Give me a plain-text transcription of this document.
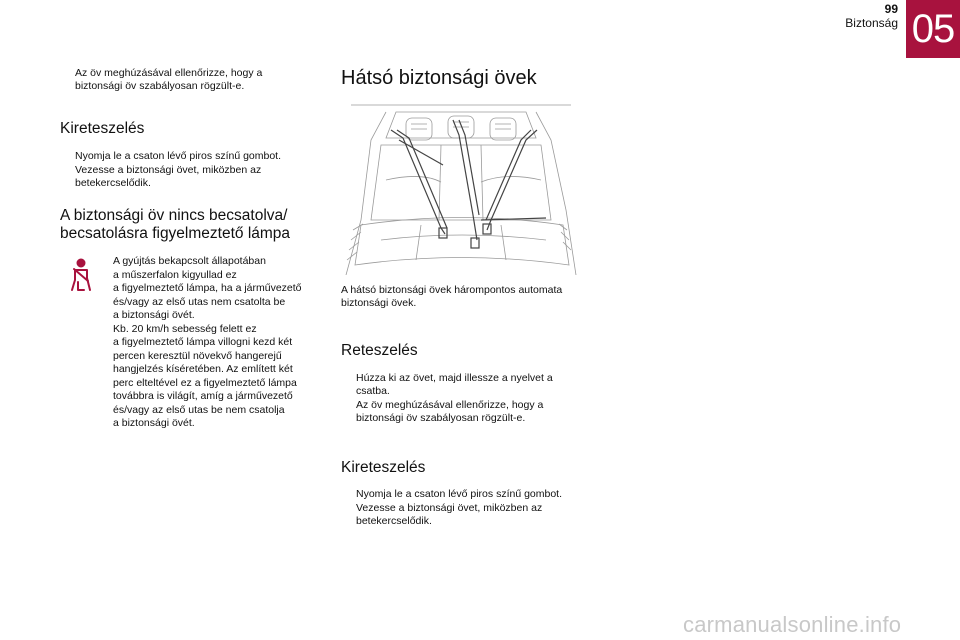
99
Biztonság 05
Az öv meghúzásával ellenőrizze, hogy a biztonsági öv szabályosan rögzült-e.
Kireteszelés
Nyomja le a csaton lévő piros színű gombot.
Vezesse a biztonsági övet, miközben az betekercselődik.
A biztonsági öv nincs becsatolva/
becsatolásra figyelmeztető lámpa
A gyújtás bekapcsolt állapotában
a műszerfalon kigyullad ez
a figyelmeztető lámpa, ha a járművezető
és/vagy az első utas nem csatolta be
a biztonsági övét.
Kb. 20 km/h sebesség felett ez
a figyelmeztető lámpa villogni kezd két
percen keresztül növekvő hangerejű
hangjelzés kíséretében. Az említett két
perc elteltével ez a figyelmeztető lámpa
továbbra is világít, amíg a járművezető
és/vagy az első utas be nem csatolja
a biztonsági övét.
Hátsó biztonsági övek
A hátsó biztonsági övek hárompontos automata biztonsági övek.
Reteszelés
Húzza ki az övet, majd illessze a nyelvet a csatba.
Az öv meghúzásával ellenőrizze, hogy a biztonsági öv szabályosan rögzült-e.
Kireteszelés
Nyomja le a csaton lévő piros színű gombot.
Vezesse a biztonsági övet, miközben az betekercselődik.
carmanualsonline.info
